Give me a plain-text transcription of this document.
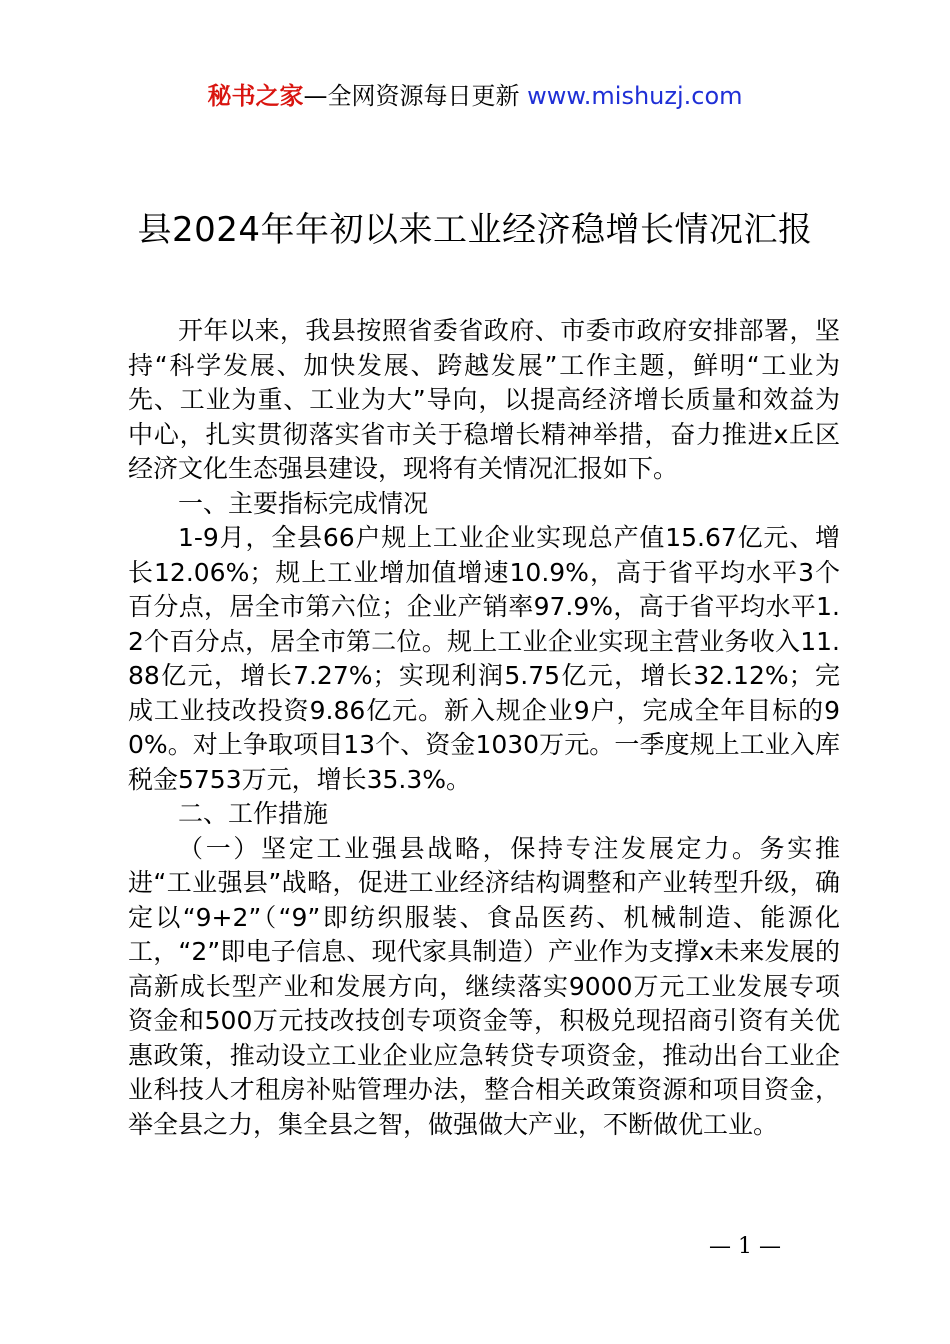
秘书之家—全网资源每日更新 www.mishuzj.com
县2024年年初以来工业经济稳增长情况汇报

开年以来，我县按照省委省政府、市委市政府安排部署，坚持“科学发展、加快发展、跨越发展”工作主题，鲜明“工业为先、工业为重、工业为大”导向，以提高经济增长质量和效益为中心，扎实贯彻落实省市关于稳增长精神举措，奋力推进x丘区经济文化生态强县建设，现将有关情况汇报如下。

一、主要指标完成情况

1-9月，全县66户规上工业企业实现总产值15.67亿元、增长12.06%；规上工业增加值增速10.9%，高于省平均水平3个百分点，居全市第六位；企业产销率97.9%，高于省平均水平1.2个百分点，居全市第二位。规上工业企业实现主营业务收入11.88亿元，增长7.27%；实现利润5.75亿元，增长32.12%；完成工业技改投资9.86亿元。新入规企业9户，完成全年目标的90%。对上争取项目13个、资金1030万元。一季度规上工业入库税金5753万元，增长35.3%。

二、工作措施

（一）坚定工业强县战略，保持专注发展定力。务实推进“工业强县”战略，促进工业经济结构调整和产业转型升级，确定以“9+2”（“9”即纺织服装、食品医药、机械制造、能源化工，“2”即电子信息、现代家具制造）产业作为支撑x未来发展的高新成长型产业和发展方向，继续落实9000万元工业发展专项资金和500万元技改技创专项资金等，积极兑现招商引资有关优惠政策，推动设立工业企业应急转贷专项资金，推动出台工业企业科技人才租房补贴管理办法，整合相关政策资源和项目资金，举全县之力，集全县之智，做强做大产业，不断做优工业。

— 1 —
